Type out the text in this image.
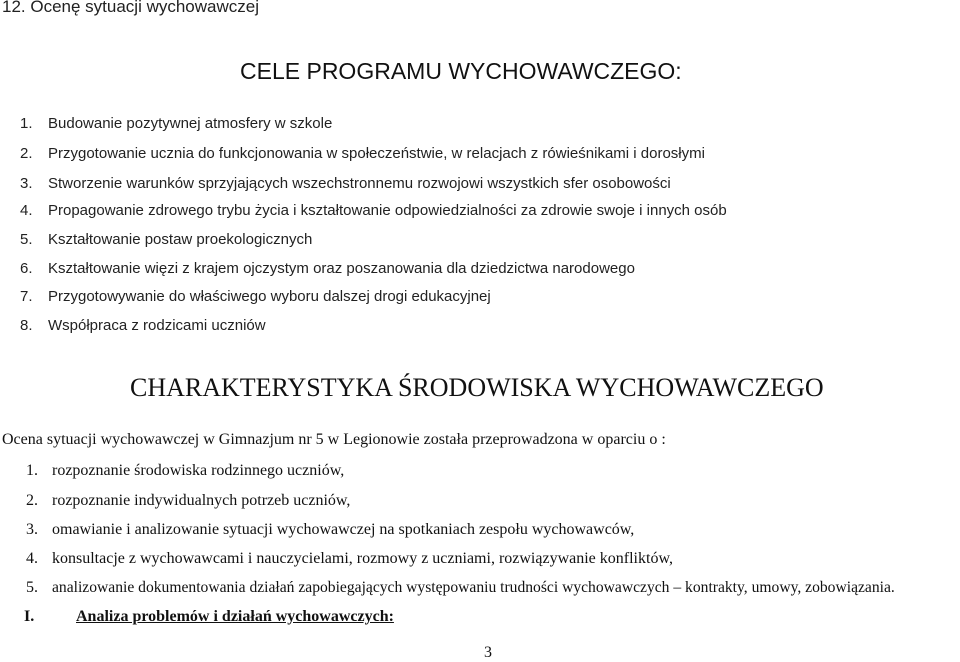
12. Ocenę sytuacji wychowawczej
CELE PROGRAMU WYCHOWAWCZEGO:
1. Budowanie pozytywnej atmosfery w szkole
2. Przygotowanie ucznia do funkcjonowania w społeczeństwie, w relacjach z rówieśnikami i dorosłymi
3. Stworzenie warunków sprzyjających wszechstronnemu rozwojowi wszystkich sfer osobowości
4. Propagowanie zdrowego trybu życia i kształtowanie odpowiedzialności za zdrowie swoje i innych osób
5. Kształtowanie postaw proekologicznych
6. Kształtowanie więzi z krajem ojczystym oraz poszanowania dla dziedzictwa narodowego
7. Przygotowywanie do właściwego wyboru dalszej drogi edukacyjnej
8. Współpraca z rodzicami uczniów
CHARAKTERYSTYKA ŚRODOWISKA WYCHOWAWCZEGO
Ocena sytuacji wychowawczej w Gimnazjum nr 5 w Legionowie została przeprowadzona w oparciu o :
1. rozpoznanie środowiska rodzinnego uczniów,
2. rozpoznanie indywidualnych potrzeb uczniów,
3. omawianie i analizowanie sytuacji wychowawczej na spotkaniach zespołu wychowawców,
4. konsultacje z wychowawcami i nauczycielami, rozmowy z uczniami, rozwiązywanie konfliktów,
5. analizowanie dokumentowania działań zapobiegających występowaniu trudności wychowawczych – kontrakty, umowy, zobowiązania.
I.	Analiza problemów i działań wychowawczych:
3
